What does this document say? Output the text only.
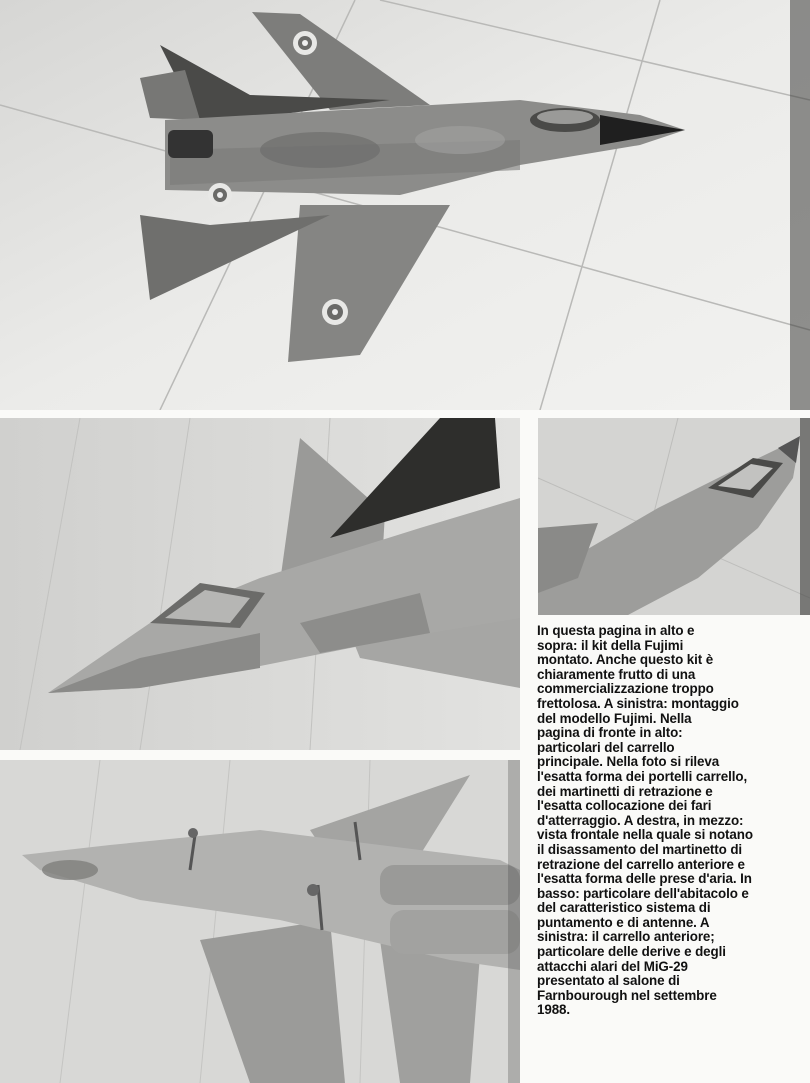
In questa pagina in alto e
sopra: il kit della Fujimi
montato. Anche questo kit è
chiaramente frutto di una
commercializzazione troppo
frettolosa. A sinistra: montaggio
del modello Fujimi. Nella
pagina di fronte in alto:
particolari del carrello
principale. Nella foto si rileva
l'esatta forma dei portelli carrello,
dei martinetti di retrazione e
l'esatta collocazione dei fari
d'atterraggio. A destra, in mezzo:
vista frontale nella quale si notano
il disassamento del martinetto di
retrazione del carrello anteriore e
l'esatta forma delle prese d'aria. In
basso: particolare dell'abitacolo e
del caratteristico sistema di
puntamento e di antenne. A
sinistra: il carrello anteriore;
particolare delle derive e degli
attacchi alari del MiG-29
presentato al salone di
Farnbourough nel settembre
1988.
